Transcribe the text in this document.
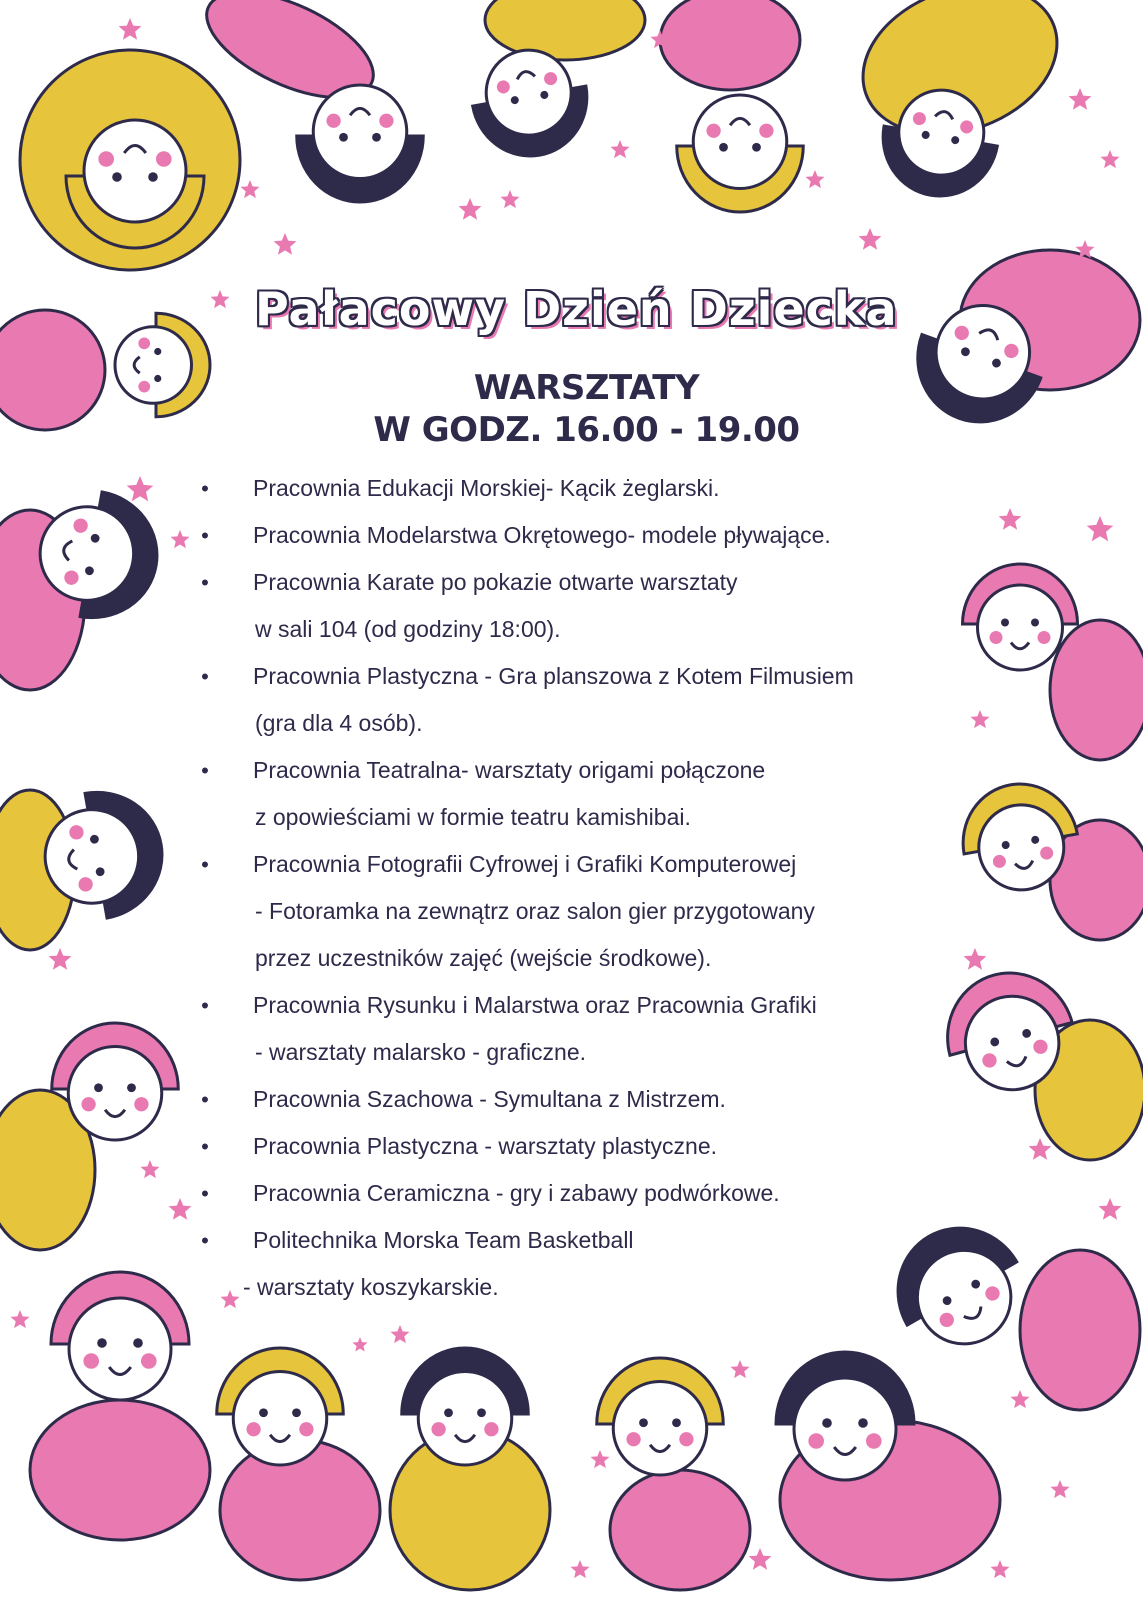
Pałacowy Dzień Dziecka
WARSZTATY
W GODZ. 16.00 - 19.00
• Pracownia Edukacji Morskiej- Kącik żeglarski.
• Pracownia Modelarstwa Okrętowego- modele pływające.
• Pracownia Karate po pokazie otwarte warsztaty
w sali 104 (od godziny 18:00).
• Pracownia Plastyczna - Gra planszowa z Kotem Filmusiem
(gra dla 4 osób).
• Pracownia Teatralna- warsztaty origami połączone
z opowieściami w formie teatru kamishibai.
• Pracownia Fotografii Cyfrowej i Grafiki Komputerowej
- Fotoramka na zewnątrz oraz salon gier przygotowany
przez uczestników zajęć (wejście środkowe).
• Pracownia Rysunku i Malarstwa oraz Pracownia Grafiki
- warsztaty malarsko - graficzne.
• Pracownia Szachowa - Symultana z Mistrzem.
• Pracownia Plastyczna - warsztaty plastyczne.
• Pracownia Ceramiczna - gry i zabawy podwórkowe.
• Politechnika Morska Team Basketball
- warsztaty koszykarskie.
